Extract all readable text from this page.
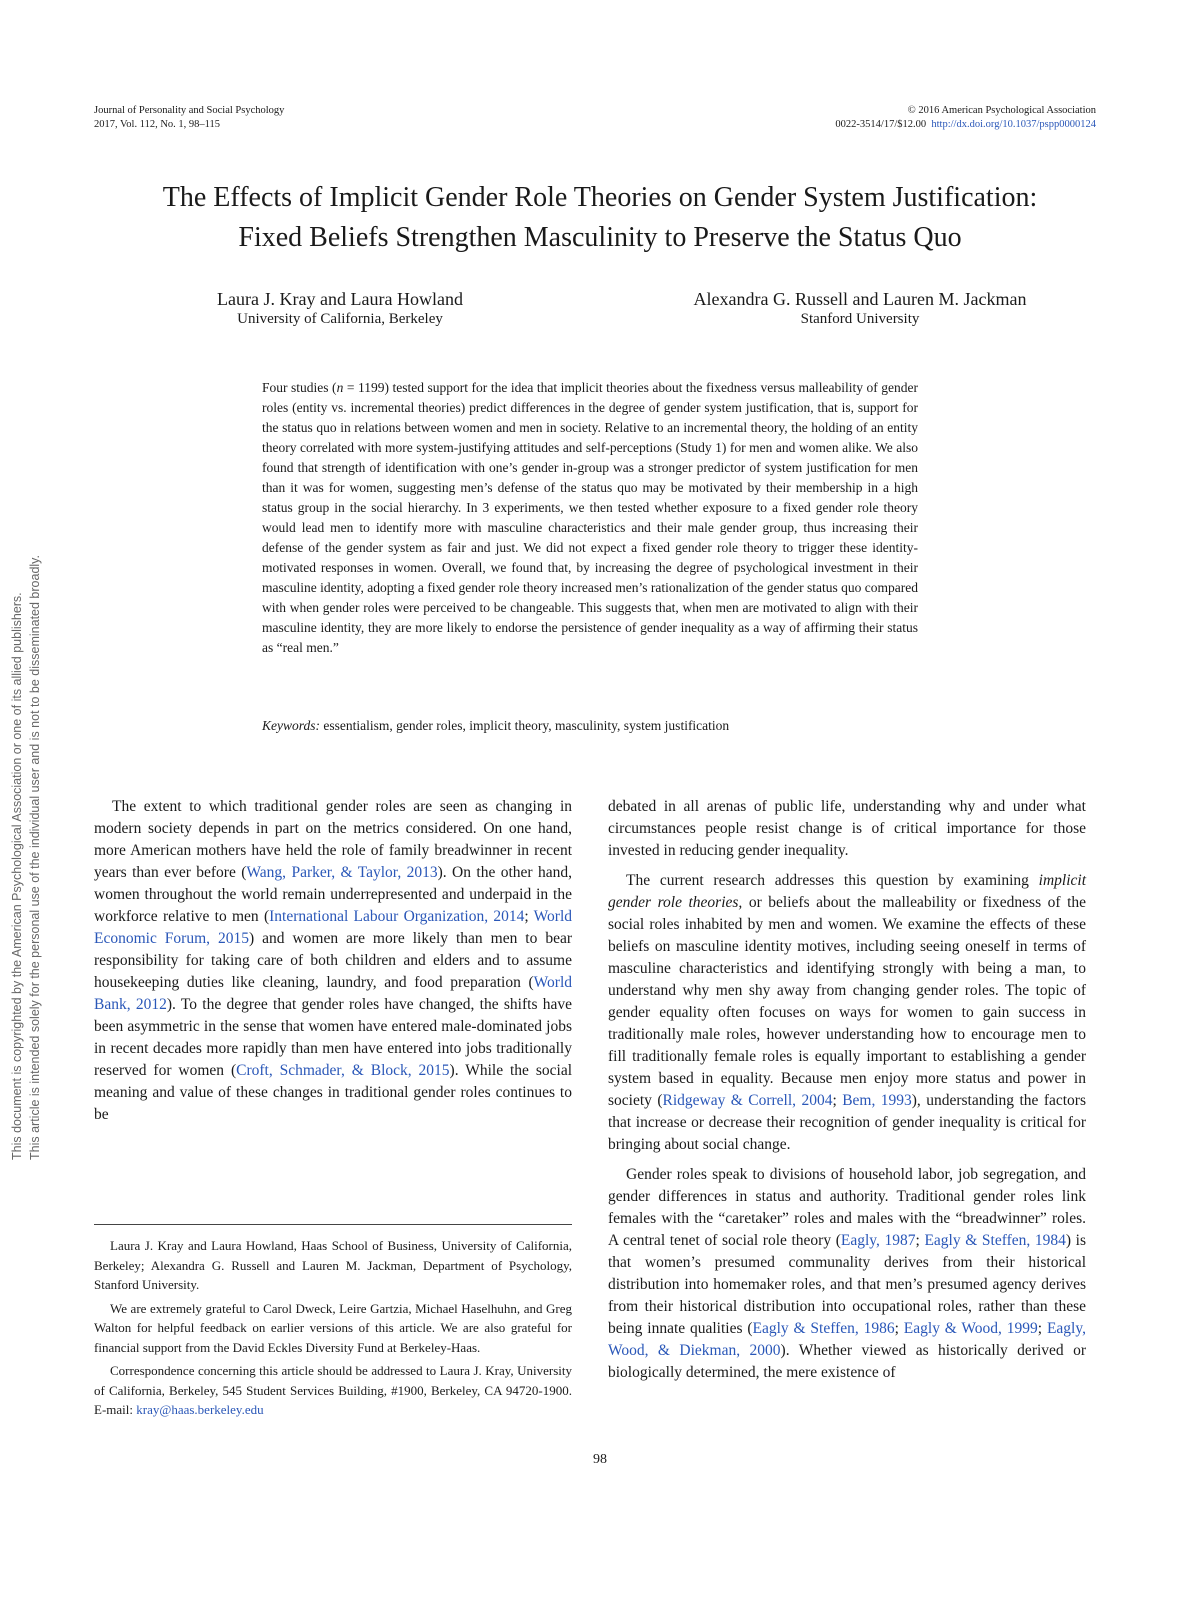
Journal of Personality and Social Psychology
2017, Vol. 112, No. 1, 98–115
© 2016 American Psychological Association
0022-3514/17/$12.00 http://dx.doi.org/10.1037/pspp0000124
The Effects of Implicit Gender Role Theories on Gender System Justification:
Fixed Beliefs Strengthen Masculinity to Preserve the Status Quo
Laura J. Kray and Laura Howland
University of California, Berkeley
Alexandra G. Russell and Lauren M. Jackman
Stanford University

Four studies (n = 1199) tested support for the idea that implicit theories about the fixedness versus malleability of gender roles (entity vs. incremental theories) predict differences in the degree of gender system justification, that is, support for the status quo in relations between women and men in society. Relative to an incremental theory, the holding of an entity theory correlated with more system-justifying attitudes and self-perceptions (Study 1) for men and women alike. We also found that strength of identification with one’s gender in-group was a stronger predictor of system justification for men than it was for women, suggesting men’s defense of the status quo may be motivated by their membership in a high status group in the social hierarchy. In 3 experiments, we then tested whether exposure to a fixed gender role theory would lead men to identify more with masculine characteristics and their male gender group, thus increasing their defense of the gender system as fair and just. We did not expect a fixed gender role theory to trigger these identity-motivated responses in women. Overall, we found that, by increasing the degree of psychological investment in their masculine identity, adopting a fixed gender role theory increased men’s rationalization of the gender status quo compared with when gender roles were perceived to be changeable. This suggests that, when men are motivated to align with their masculine identity, they are more likely to endorse the persistence of gender inequality as a way of affirming their status as “real men.”

Keywords: essentialism, gender roles, implicit theory, masculinity, system justification

The extent to which traditional gender roles are seen as changing in modern society depends in part on the metrics considered. On one hand, more American mothers have held the role of family breadwinner in recent years than ever before (Wang, Parker, & Taylor, 2013). On the other hand, women throughout the world remain underrepresented and underpaid in the workforce relative to men (International Labour Organization, 2014; World Economic Forum, 2015) and women are more likely than men to bear responsibility for taking care of both children and elders and to assume housekeeping duties like cleaning, laundry, and food preparation (World Bank, 2012). To the degree that gender roles have changed, the shifts have been asymmetric in the sense that women have entered male-dominated jobs in recent decades more rapidly than men have entered into jobs traditionally reserved for women (Croft, Schmader, & Block, 2015). While the social meaning and value of these changes in traditional gender roles continues to be

Laura J. Kray and Laura Howland, Haas School of Business, University of California, Berkeley; Alexandra G. Russell and Lauren M. Jackman, Department of Psychology, Stanford University.

We are extremely grateful to Carol Dweck, Leire Gartzia, Michael Haselhuhn, and Greg Walton for helpful feedback on earlier versions of this article. We are also grateful for financial support from the David Eckles Diversity Fund at Berkeley-Haas.

Correspondence concerning this article should be addressed to Laura J. Kray, University of California, Berkeley, 545 Student Services Building, #1900, Berkeley, CA 94720-1900. E-mail: kray@haas.berkeley.edu

debated in all arenas of public life, understanding why and under what circumstances people resist change is of critical importance for those invested in reducing gender inequality.

The current research addresses this question by examining implicit gender role theories, or beliefs about the malleability or fixedness of the social roles inhabited by men and women. We examine the effects of these beliefs on masculine identity motives, including seeing oneself in terms of masculine characteristics and identifying strongly with being a man, to understand why men shy away from changing gender roles. The topic of gender equality often focuses on ways for women to gain success in traditionally male roles, however understanding how to encourage men to fill traditionally female roles is equally important to establishing a gender system based in equality. Because men enjoy more status and power in society (Ridgeway & Correll, 2004; Bem, 1993), understanding the factors that increase or decrease their recognition of gender inequality is critical for bringing about social change.

Gender roles speak to divisions of household labor, job segregation, and gender differences in status and authority. Traditional gender roles link females with the “caretaker” roles and males with the “breadwinner” roles. A central tenet of social role theory (Eagly, 1987; Eagly & Steffen, 1984) is that women’s presumed communality derives from their historical distribution into homemaker roles, and that men’s presumed agency derives from their historical distribution into occupational roles, rather than these being innate qualities (Eagly & Steffen, 1986; Eagly & Wood, 1999; Eagly, Wood, & Diekman, 2000). Whether viewed as historically derived or biologically determined, the mere existence of

98
This document is copyrighted by the American Psychological Association or one of its allied publishers. This article is intended solely for the personal use of the individual user and is not to be disseminated broadly.
